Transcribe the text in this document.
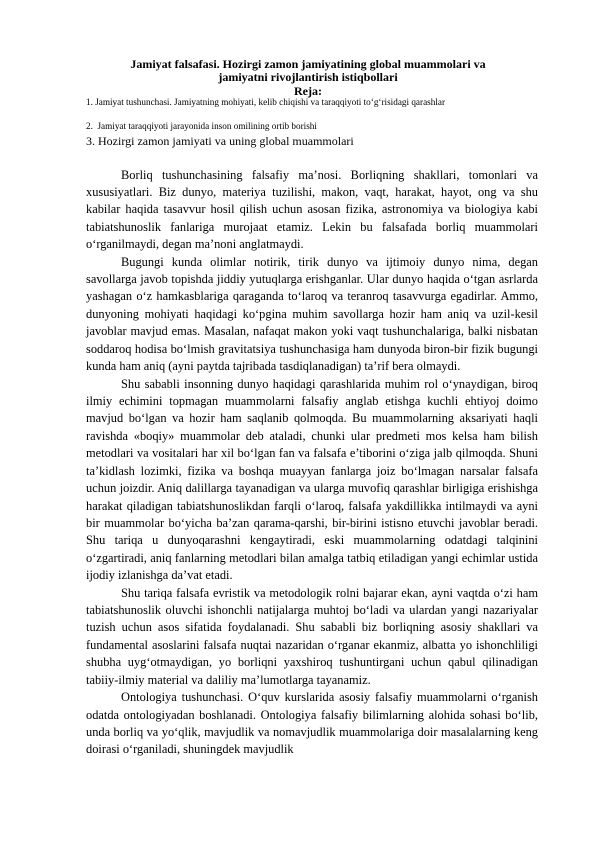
Jamiyat falsafasi. Hozirgi zamon jamiyatining global muammolari va
jamiyatni rivojlantirish istiqbollari
Reja:
1. Jamiyat tushunchasi. Jamiyatning mohiyati, kelib chiqishi va taraqqiyoti to‘g‘risidagi qarashlar
2.  Jamiyat taraqqiyoti jarayonida inson omilining ortib borishi
3. Hozirgi zamon jamiyati va uning global muammolari

Borliq tushunchasining falsafiy ma’nosi. Borliqning shakllari, tomonlari va xususiyatlari. Biz dunyo, materiya tuzilishi, makon, vaqt, harakat, hayot, ong va shu kabilar haqida tasavvur hosil qilish uchun asosan fizika, astronomiya va biologiya kabi tabiatshunoslik fanlariga murojaat etamiz. Lekin bu falsafada borliq muammolari o‘rganilmaydi, degan ma’noni anglatmaydi.

Bugungi kunda olimlar notirik, tirik dunyo va ijtimoiy dunyo nima, degan savollarga javob topishda jiddiy yutuqlarga erishganlar. Ular dunyo haqida o‘tgan asrlarda yashagan o‘z hamkasblariga qaraganda to‘laroq va teranroq tasavvurga egadirlar. Ammo, dunyoning mohiyati haqidagi ko‘pgina muhim savollarga hozir ham aniq va uzil-kesil javoblar mavjud emas. Masalan, nafaqat makon yoki vaqt tushunchalariga, balki nisbatan soddaroq hodisa bo‘lmish gravitatsiya tushunchasiga ham dunyoda biron-bir fizik bugungi kunda ham aniq (ayni paytda tajribada tasdiqlanadigan) ta’rif bera olmaydi.

Shu sababli insonning dunyo haqidagi qarashlarida muhim rol o‘ynaydigan, biroq ilmiy echimini topmagan muammolarni falsafiy anglab etishga kuchli ehtiyoj doimo mavjud bo‘lgan va hozir ham saqlanib qolmoqda. Bu muammolarning aksariyati haqli ravishda «boqiy» muammolar deb ataladi, chunki ular predmeti mos kelsa ham bilish metodlari va vositalari har xil bo‘lgan fan va falsafa e’tiborini o‘ziga jalb qilmoqda. Shuni ta’kidlash lozimki, fizika va boshqa muayyan fanlarga joiz bo‘lmagan narsalar falsafa uchun joizdir. Aniq dalillarga tayanadigan va ularga muvofiq qarashlar birligiga erishishga harakat qiladigan tabiatshunoslikdan farqli o‘laroq, falsafa yakdillikka intilmaydi va ayni bir muammolar bo‘yicha ba’zan qarama-qarshi, bir-birini istisno etuvchi javoblar beradi. Shu tariqa u dunyoqarashni kengaytiradi, eski muammolarning odatdagi talqinini o‘zgartiradi, aniq fanlarning metodlari bilan amalga tatbiq etiladigan yangi echimlar ustida ijodiy izlanishga da’vat etadi.

Shu tariqa falsafa evristik va metodologik rolni bajarar ekan, ayni vaqtda o‘zi ham tabiatshunoslik oluvchi ishonchli natijalarga muhtoj bo‘ladi va ulardan yangi nazariyalar tuzish uchun asos sifatida foydalanadi. Shu sababli biz borliqning asosiy shakllari va fundamental asoslarini falsafa nuqtai nazaridan o‘rganar ekanmiz, albatta yo ishonchliligi shubha uyg‘otmaydigan, yo borliqni yaxshiroq tushuntirgani uchun qabul qilinadigan tabiiy-ilmiy material va daliliy ma’lumotlarga tayanamiz.

Ontologiya tushunchasi. O‘quv kurslarida asosiy falsafiy muammolarni o‘rganish odatda ontologiyadan boshlanadi. Ontologiya falsafiy bilimlarning alohida sohasi bo‘lib, unda borliq va yo‘qlik, mavjudlik va nomavjudlik muammolariga doir masalalarning keng doirasi o‘rganiladi, shuningdek mavjudlik
